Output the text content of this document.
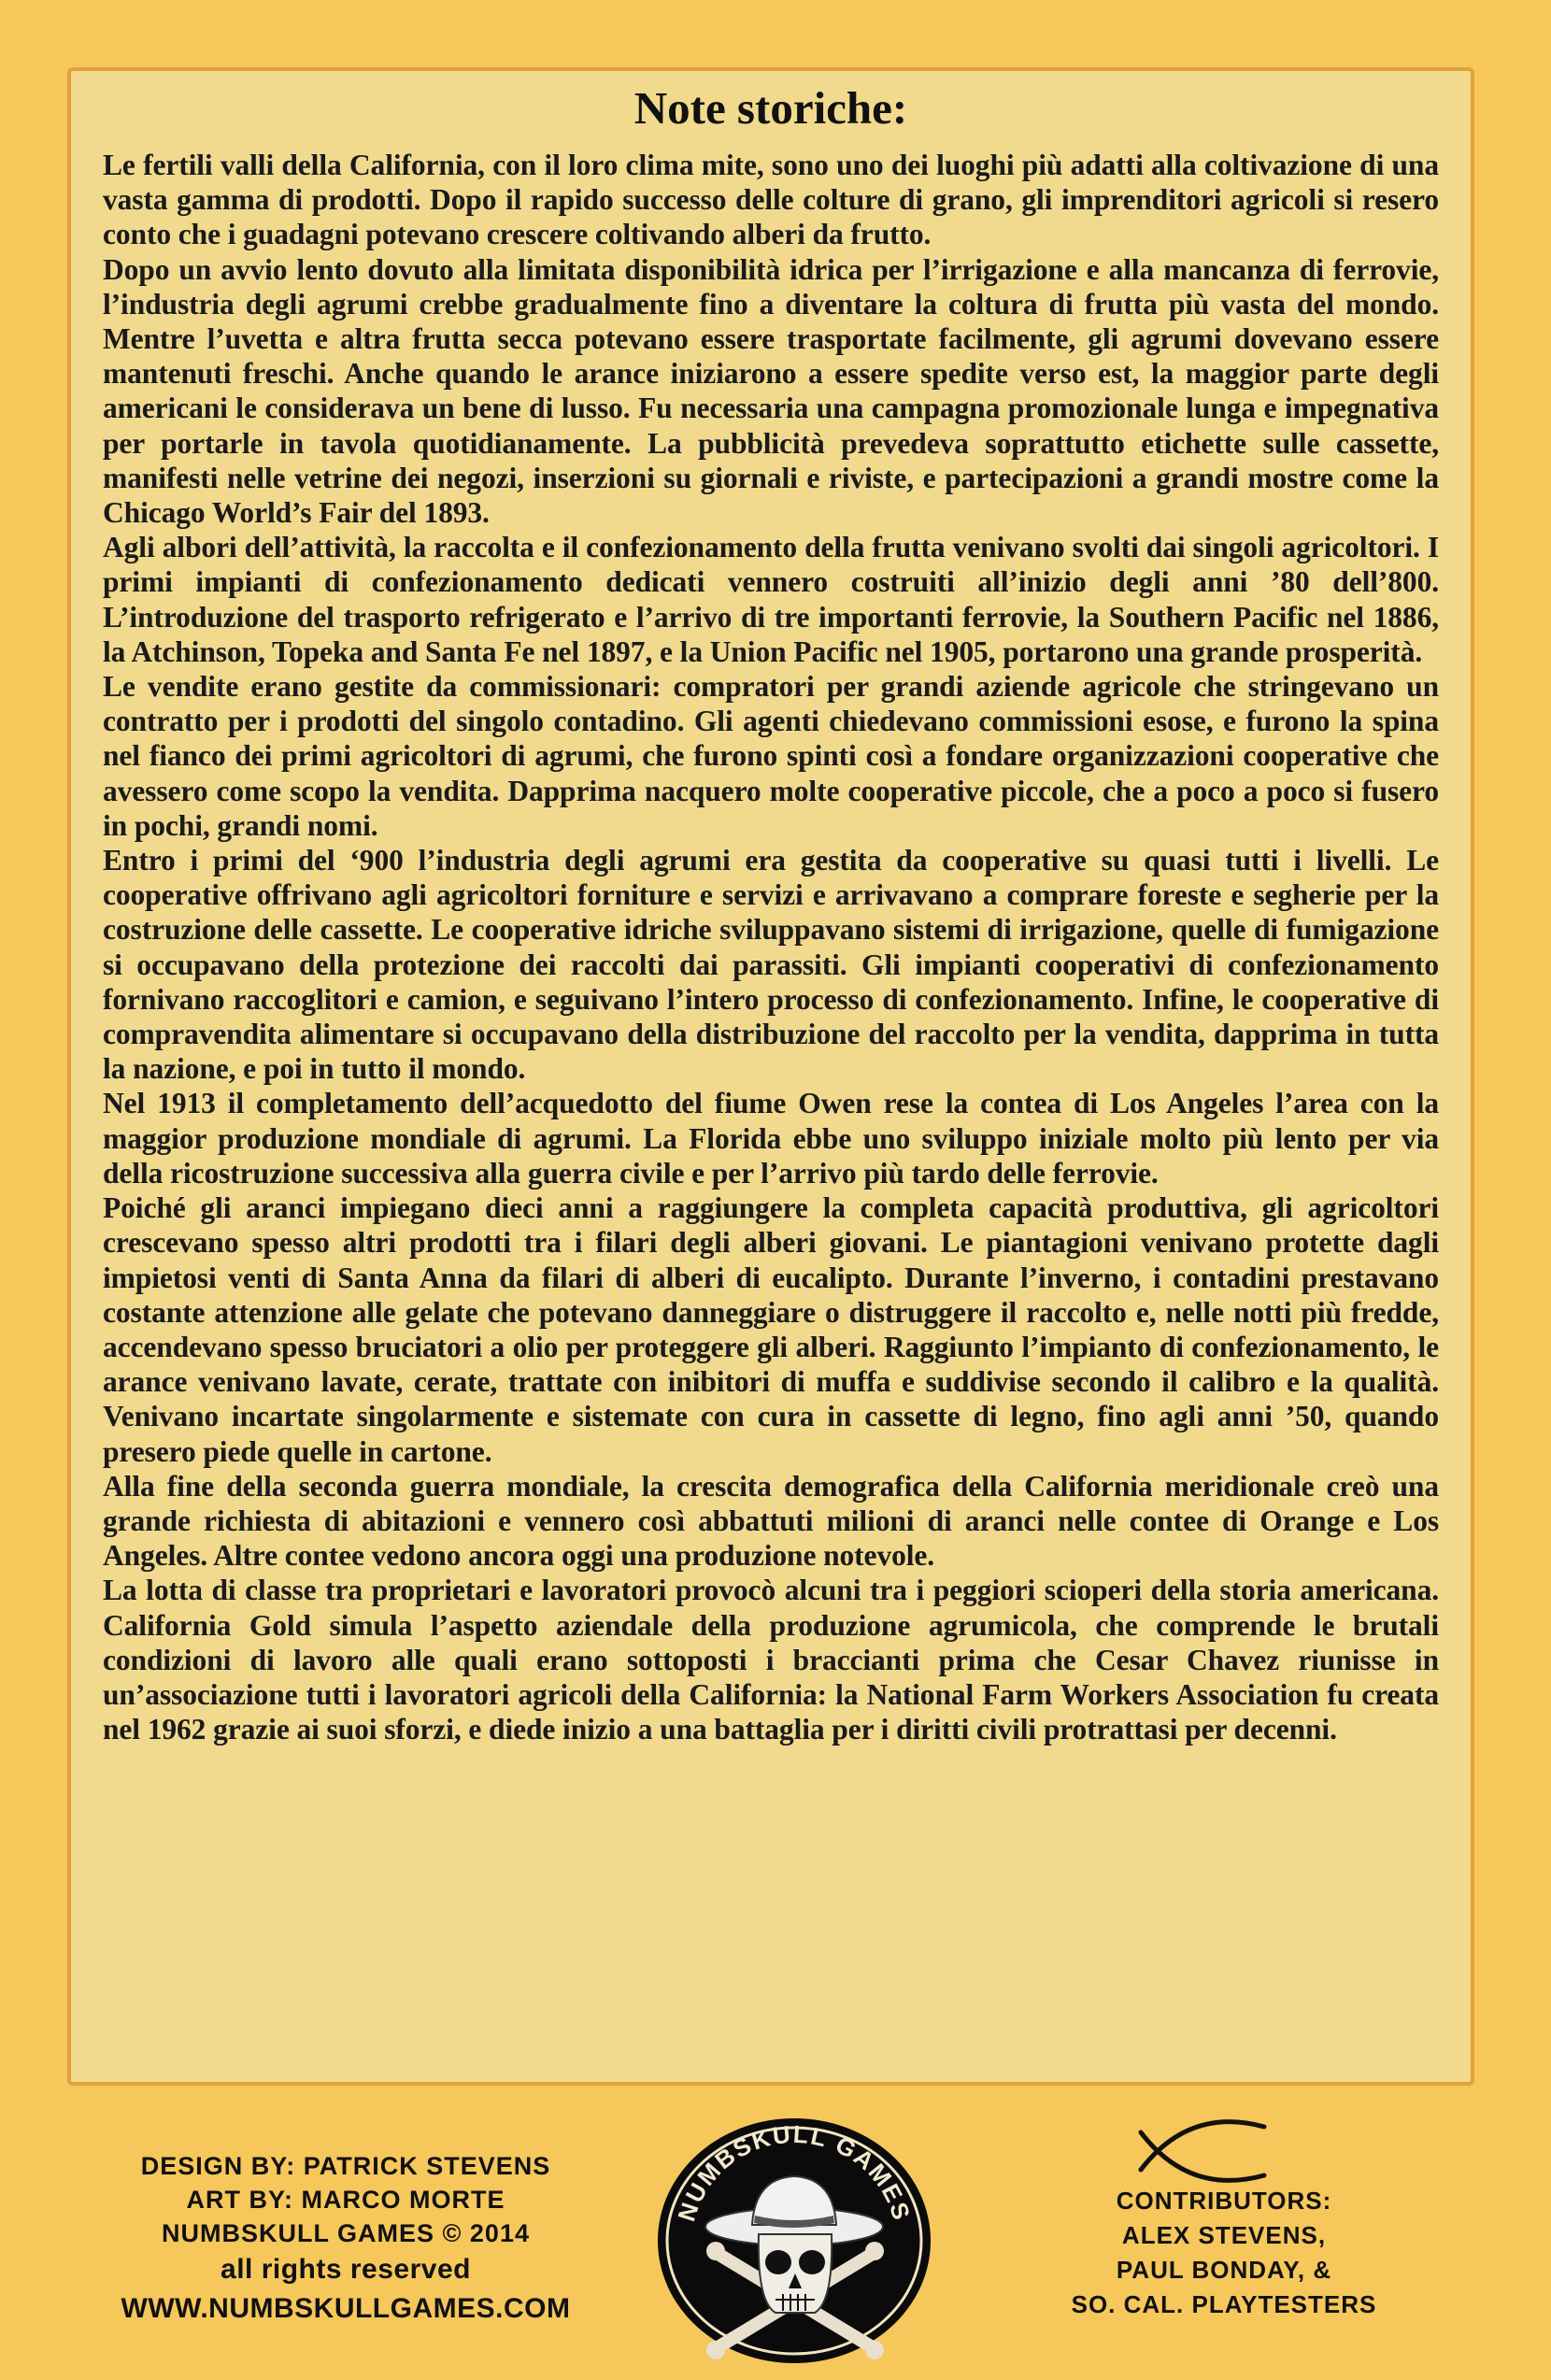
Note storiche:

Le fertili valli della California, con il loro clima mite, sono uno dei luoghi più adatti alla coltivazione di una vasta gamma di prodotti. Dopo il rapido successo delle colture di grano, gli imprenditori agricoli si resero conto che i guadagni potevano crescere coltivando alberi da frutto.

Dopo un avvio lento dovuto alla limitata disponibilità idrica per l’irrigazione e alla mancanza di ferrovie, l’industria degli agrumi crebbe gradualmente fino a diventare la coltura di frutta più vasta del mondo. Mentre l’uvetta e altra frutta secca potevano essere trasportate facilmente, gli agrumi dovevano essere mantenuti freschi. Anche quando le arance iniziarono a essere spedite verso est, la maggior parte degli americani le considerava un bene di lusso. Fu necessaria una campagna promozionale lunga e impegnativa per portarle in tavola quotidianamente. La pubblicità prevedeva soprattutto etichette sulle cassette, manifesti nelle vetrine dei negozi, inserzioni su giornali e riviste, e partecipazioni a grandi mostre come la Chicago World’s Fair del 1893.

Agli albori dell’attività, la raccolta e il confezionamento della frutta venivano svolti dai singoli agricoltori. I primi impianti di confezionamento dedicati vennero costruiti all’inizio degli anni ’80 dell’800. L’introduzione del trasporto refrigerato e l’arrivo di tre importanti ferrovie, la Southern Pacific nel 1886, la Atchinson, Topeka and Santa Fe nel 1897, e la Union Pacific nel 1905, portarono una grande prosperità.

Le vendite erano gestite da commissionari: compratori per grandi aziende agricole che stringevano un contratto per i prodotti del singolo contadino. Gli agenti chiedevano commissioni esose, e furono la spina nel fianco dei primi agricoltori di agrumi, che furono spinti così a fondare organizzazioni cooperative che avessero come scopo la vendita. Dapprima nacquero molte cooperative piccole, che a poco a poco si fusero in pochi, grandi nomi.

Entro i primi del ‘900 l’industria degli agrumi era gestita da cooperative su quasi tutti i livelli. Le cooperative offrivano agli agricoltori forniture e servizi e arrivavano a comprare foreste e segherie per la costruzione delle cassette. Le cooperative idriche sviluppavano sistemi di irrigazione, quelle di fumigazione si occupavano della protezione dei raccolti dai parassiti. Gli impianti cooperativi di confezionamento fornivano raccoglitori e camion, e seguivano l’intero processo di confezionamento. Infine, le cooperative di compravendita alimentare si occupavano della distribuzione del raccolto per la vendita, dapprima in tutta la nazione, e poi in tutto il mondo.

Nel 1913 il completamento dell’acquedotto del fiume Owen rese la contea di Los Angeles l’area con la maggior produzione mondiale di agrumi. La Florida ebbe uno sviluppo iniziale molto più lento per via della ricostruzione successiva alla guerra civile e per l’arrivo più tardo delle ferrovie.

Poiché gli aranci impiegano dieci anni a raggiungere la completa capacità produttiva, gli agricoltori crescevano spesso altri prodotti tra i filari degli alberi giovani. Le piantagioni venivano protette dagli impietosi venti di Santa Anna da filari di alberi di eucalipto. Durante l’inverno, i contadini prestavano costante attenzione alle gelate che potevano danneggiare o distruggere il raccolto e, nelle notti più fredde, accendevano spesso bruciatori a olio per proteggere gli alberi. Raggiunto l’impianto di confezionamento, le arance venivano lavate, cerate, trattate con inibitori di muffa e suddivise secondo il calibro e la qualità. Venivano incartate singolarmente e sistemate con cura in cassette di legno, fino agli anni ’50, quando presero piede quelle in cartone.

Alla fine della seconda guerra mondiale, la crescita demografica della California meridionale creò una grande richiesta di abitazioni e vennero così abbattuti milioni di aranci nelle contee di Orange e Los Angeles. Altre contee vedono ancora oggi una produzione notevole.

La lotta di classe tra proprietari e lavoratori provocò alcuni tra i peggiori scioperi della storia americana. California Gold simula l’aspetto aziendale della produzione agrumicola, che comprende le brutali condizioni di lavoro alle quali erano sottoposti i braccianti prima che Cesar Chavez riunisse in un’associazione tutti i lavoratori agricoli della California: la National Farm Workers Association fu creata nel 1962 grazie ai suoi sforzi, e diede inizio a una battaglia per i diritti civili protrattasi per decenni.

DESIGN BY: PATRICK STEVENS
ART BY: MARCO MORTE
NUMBSKULL GAMES © 2014
all rights reserved
WWW.NUMBSKULLGAMES.COM
NUMBSKULL GAMES	CONTRIBUTORS:
ALEX STEVENS,
PAUL BONDAY, &
SO. CAL. PLAYTESTERS
